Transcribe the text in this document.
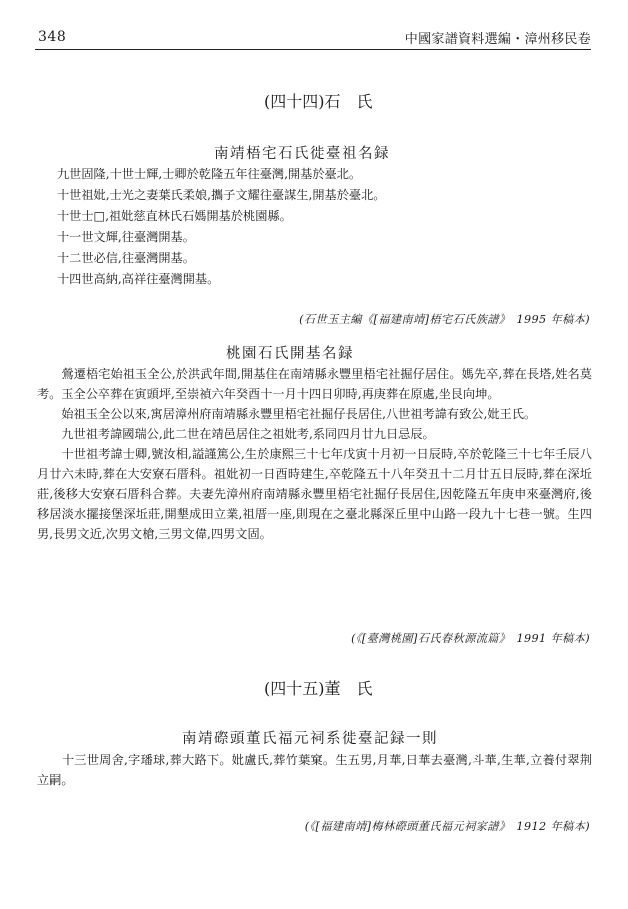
348	中國家譜資料選編・漳州移民卷
(四十四)石　氏
南靖梧宅石氏徙臺祖名録
九世固隆,十世士輝,士卿於乾隆五年往臺灣,開基於臺北。
十世祖妣,士光之妻葉氏柔娘,攜子文耀往臺謀生,開基於臺北。
十世士□,祖妣慈直林氏石媽開基於桃園縣。
十一世文輝,往臺灣開基。
十二世必信,往臺灣開基。
十四世高納,高祥往臺灣開基。
(石世玉主編《[福建南靖]梧宅石氏族譜》　1995 年稿本)
桃園石氏開基名録
　　鶯遷梧宅始祖玉全公,於洪武年間,開基住在南靖縣永豐里梧宅社掘仔居住。媽先卒,葬在長塔,姓名莫考。玉全公卒葬在寅頭坪,至崇禎六年癸酉十一月十四日卯時,再庚葬在原處,坐艮向坤。
　　始祖玉全公以來,寓居漳州府南靖縣永豐里梧宅社掘仔長居住,八世祖考諱有致公,妣王氏。
　　九世祖考諱國瑞公,此二世在靖邑居住之祖妣考,系同四月廿九日忌辰。
　　十世祖考諱士卿,號汝相,謚謹篤公,生於康熙三十七年戊寅十月初一日辰時,卒於乾隆三十七年壬辰八月廿六未時,葬在大安寮石厝科。祖妣初一日酉時建生,卒乾隆五十八年癸丑十二月廿五日辰時,葬在深坵莊,後移大安寮石厝科合葬。夫妻先漳州府南靖縣永豐里梧宅社掘仔長居住,因乾隆五年庚申來臺灣府,後移居淡水擺接堡深坵莊,開墾成田立業,祖厝一座,則現在之臺北縣深丘里中山路一段九十七巷一號。生四男,長男文近,次男文槍,三男文偉,四男文固。
(《[臺灣桃園]石氏春秋源流篇》　1991 年稿本)
(四十五)董　氏
南靖磜頭董氏福元祠系徙臺記録一則
　　十三世周舍,字璠球,葬大路下。妣盧氏,葬竹葉窠。生五男,月華,日華去臺灣,斗華,生華,立養付翠荆立嗣。
(《[福建南靖]梅林磜頭董氏福元祠家譜》　1912 年稿本)
